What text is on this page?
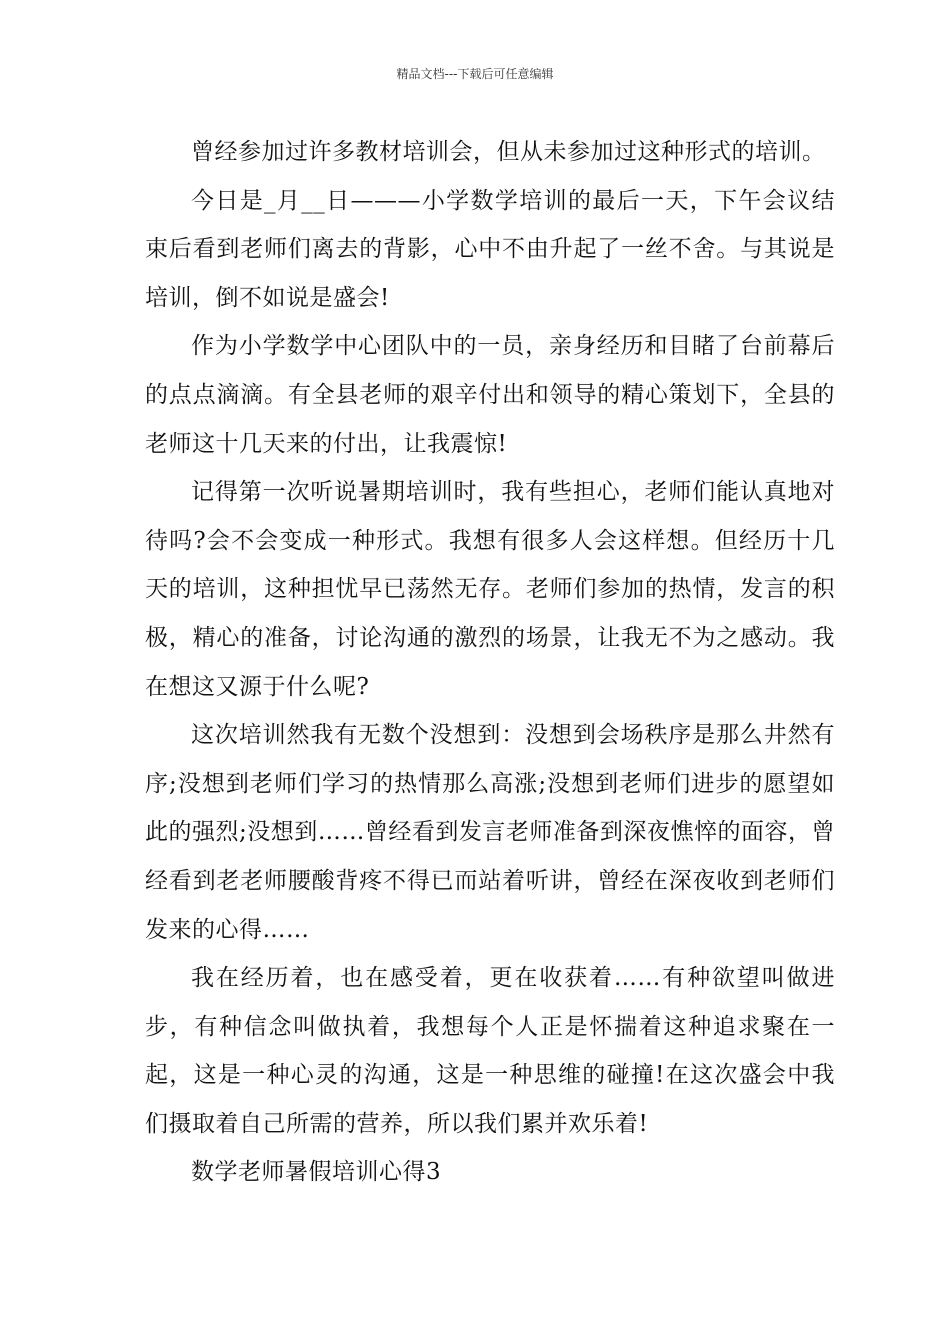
精品文档---下载后可任意编辑

曾经参加过许多教材培训会，但从未参加过这种形式的培训。

今日是_月__日———小学数学培训的最后一天，下午会议结束后看到老师们离去的背影，心中不由升起了一丝不舍。与其说是培训，倒不如说是盛会!

作为小学数学中心团队中的一员，亲身经历和目睹了台前幕后的点点滴滴。有全县老师的艰辛付出和领导的精心策划下，全县的老师这十几天来的付出，让我震惊!

记得第一次听说暑期培训时，我有些担心，老师们能认真地对待吗?会不会变成一种形式。我想有很多人会这样想。但经历十几天的培训，这种担忧早已荡然无存。老师们参加的热情，发言的积极，精心的准备，讨论沟通的激烈的场景，让我无不为之感动。我在想这又源于什么呢?

这次培训然我有无数个没想到：没想到会场秩序是那么井然有序;没想到老师们学习的热情那么高涨;没想到老师们进步的愿望如此的强烈;没想到……曾经看到发言老师准备到深夜憔悴的面容，曾经看到老老师腰酸背疼不得已而站着听讲，曾经在深夜收到老师们发来的心得……

我在经历着，也在感受着，更在收获着……有种欲望叫做进步，有种信念叫做执着，我想每个人正是怀揣着这种追求聚在一起，这是一种心灵的沟通，这是一种思维的碰撞!在这次盛会中我们摄取着自己所需的营养，所以我们累并欢乐着!

数学老师暑假培训心得3
